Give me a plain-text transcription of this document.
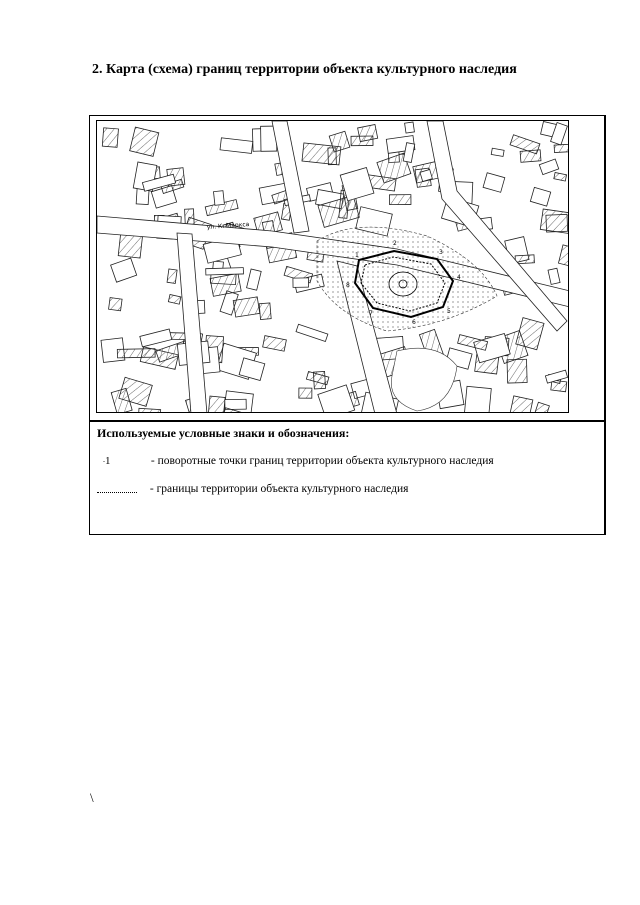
2. Карта (схема) границ территории объекта культурного наследия
ул. К. Маркса
1
2
3
4
5
6
7
8
Используемые условные знаки и обозначения:
.1	- поворотные точки границ территории объекта культурного наследия
- границы территории объекта культурного наследия
\
